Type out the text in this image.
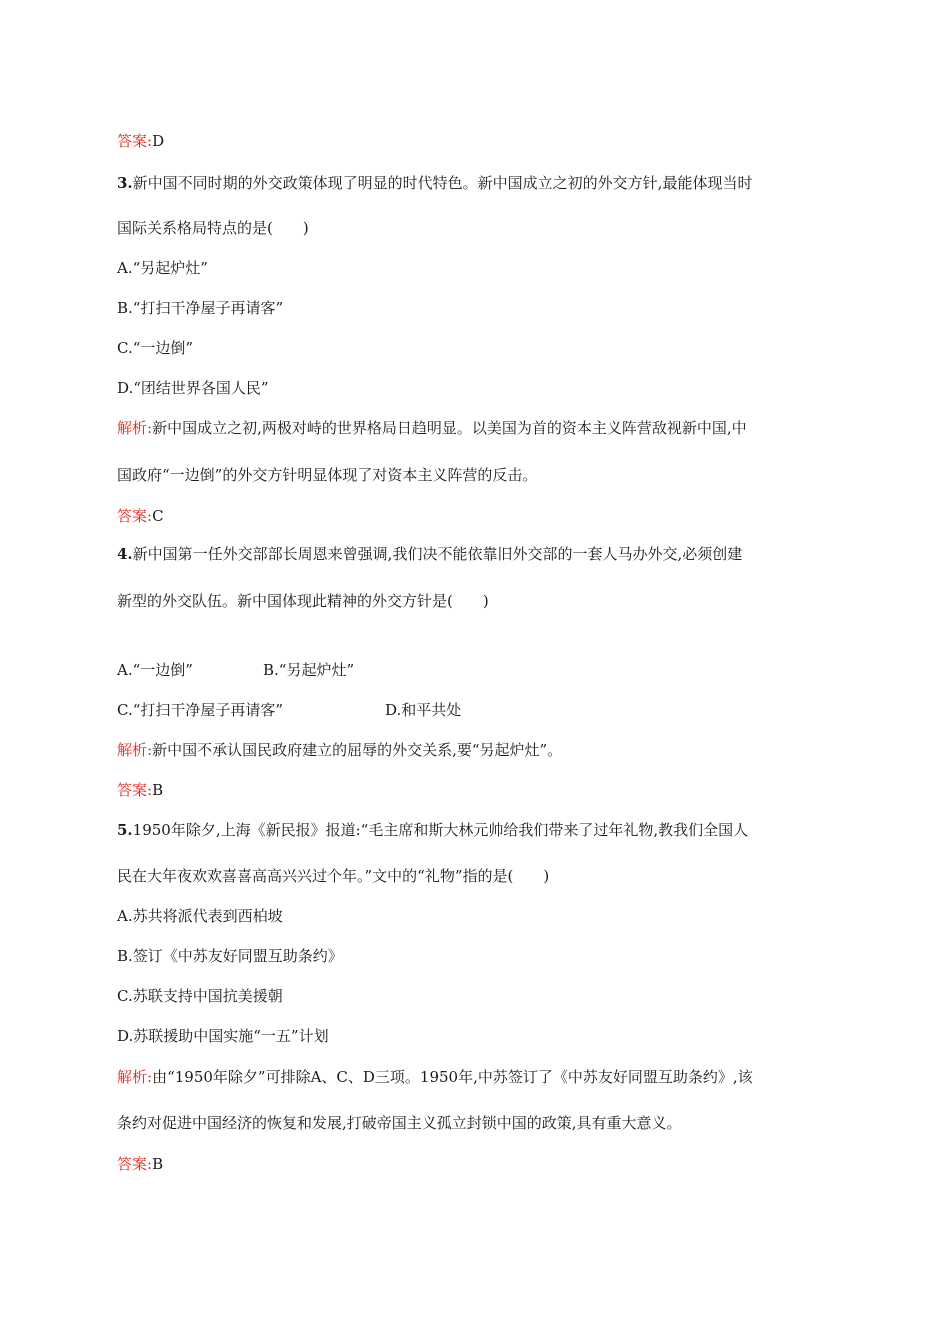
答案:D
3.新中国不同时期的外交政策体现了明显的时代特色。新中国成立之初的外交方针,最能体现当时
国际关系格局特点的是(　　)
A.“另起炉灶”
B.“打扫干净屋子再请客”
C.“一边倒”
D.“团结世界各国人民”
解析:新中国成立之初,两极对峙的世界格局日趋明显。以美国为首的资本主义阵营敌视新中国,中
国政府“一边倒”的外交方针明显体现了对资本主义阵营的反击。
答案:C
4.新中国第一任外交部部长周恩来曾强调,我们决不能依靠旧外交部的一套人马办外交,必须创建
新型的外交队伍。新中国体现此精神的外交方针是(　　)
A.“一边倒”	B.“另起炉灶”
C.“打扫干净屋子再请客”	D.和平共处
解析:新中国不承认国民政府建立的屈辱的外交关系,要“另起炉灶”。
答案:B
5.1950年除夕,上海《新民报》报道:“毛主席和斯大林元帅给我们带来了过年礼物,教我们全国人
民在大年夜欢欢喜喜高高兴兴过个年。”文中的“礼物”指的是(　　)
A.苏共将派代表到西柏坡
B.签订《中苏友好同盟互助条约》
C.苏联支持中国抗美援朝
D.苏联援助中国实施“一五”计划
解析:由“1950年除夕”可排除A、C、D三项。1950年,中苏签订了《中苏友好同盟互助条约》,该
条约对促进中国经济的恢复和发展,打破帝国主义孤立封锁中国的政策,具有重大意义。
答案:B
